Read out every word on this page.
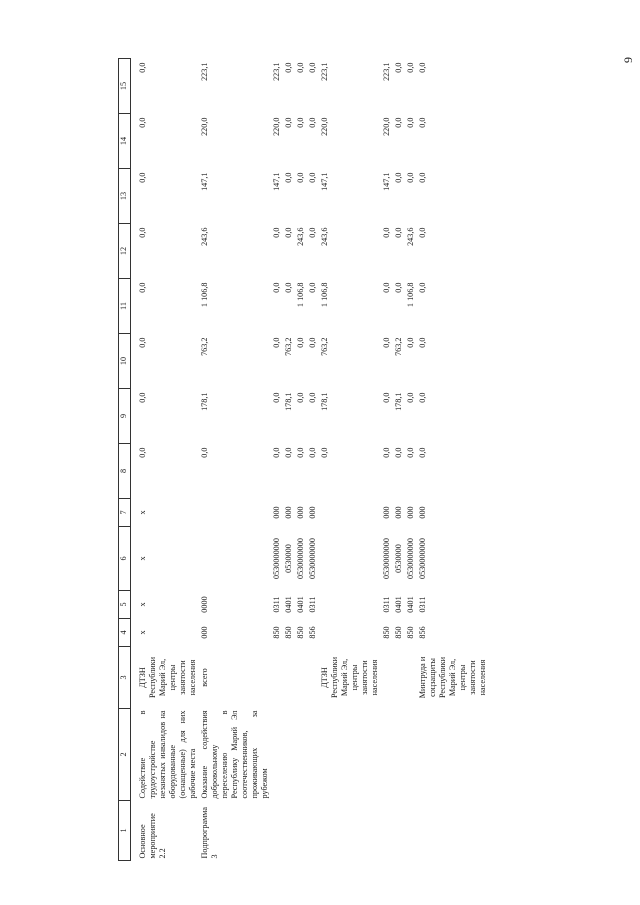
9
1	2	3	4	5	6	7	8	9	10	11	12	13	14	15

Основное мероприятие 2.2	Содействие в трудоустройстве незанятых инвалидов на оборудованные (оснащенные) для них рабочие места	ДТЗН Республики Марий Эл, центры занятости населения	х	х	х	х	0,0	0,0	0,0	0,0	0,0	0,0	0,0	0,0
Подпрограмма 3	Оказание содействия добровольному переселению в Республику Марий Эл соотечественников, проживающих за рубежом	всего	000	0000			0,0	178,1	763,2	1 106,8	243,6	147,1	220,0	223,1
			850	0311	0530000000	000	0,0	0,0	0,0	0,0	0,0	147,1	220,0	223,1
			850	0401	0530000	000	0,0	178,1	763,2	0,0	0,0	0,0	0,0	0,0
			850	0401	0530000000	000	0,0	0,0	0,0	1 106,8	243,6	0,0	0,0	0,0
			856	0311	0530000000	000	0,0	0,0	0,0	0,0	0,0	0,0	0,0	0,0
		ДТЗН Республики Марий Эл, центры занятости населения					0,0	178,1	763,2	1 106,8	243,6	147,1	220,0	223,1
			850	0311	0530000000	000	0,0	0,0	0,0	0,0	0,0	147,1	220,0	223,1
			850	0401	0530000	000	0,0	178,1	763,2	0,0	0,0	0,0	0,0	0,0
			850	0401	0530000000	000	0,0	0,0	0,0	1 106,8	243,6	0,0	0,0	0,0
		Минтруда и соцзащиты Республики Марий Эл, центры занятости населения	856	0311	0530000000	000	0,0	0,0	0,0	0,0	0,0	0,0	0,0	0,0
